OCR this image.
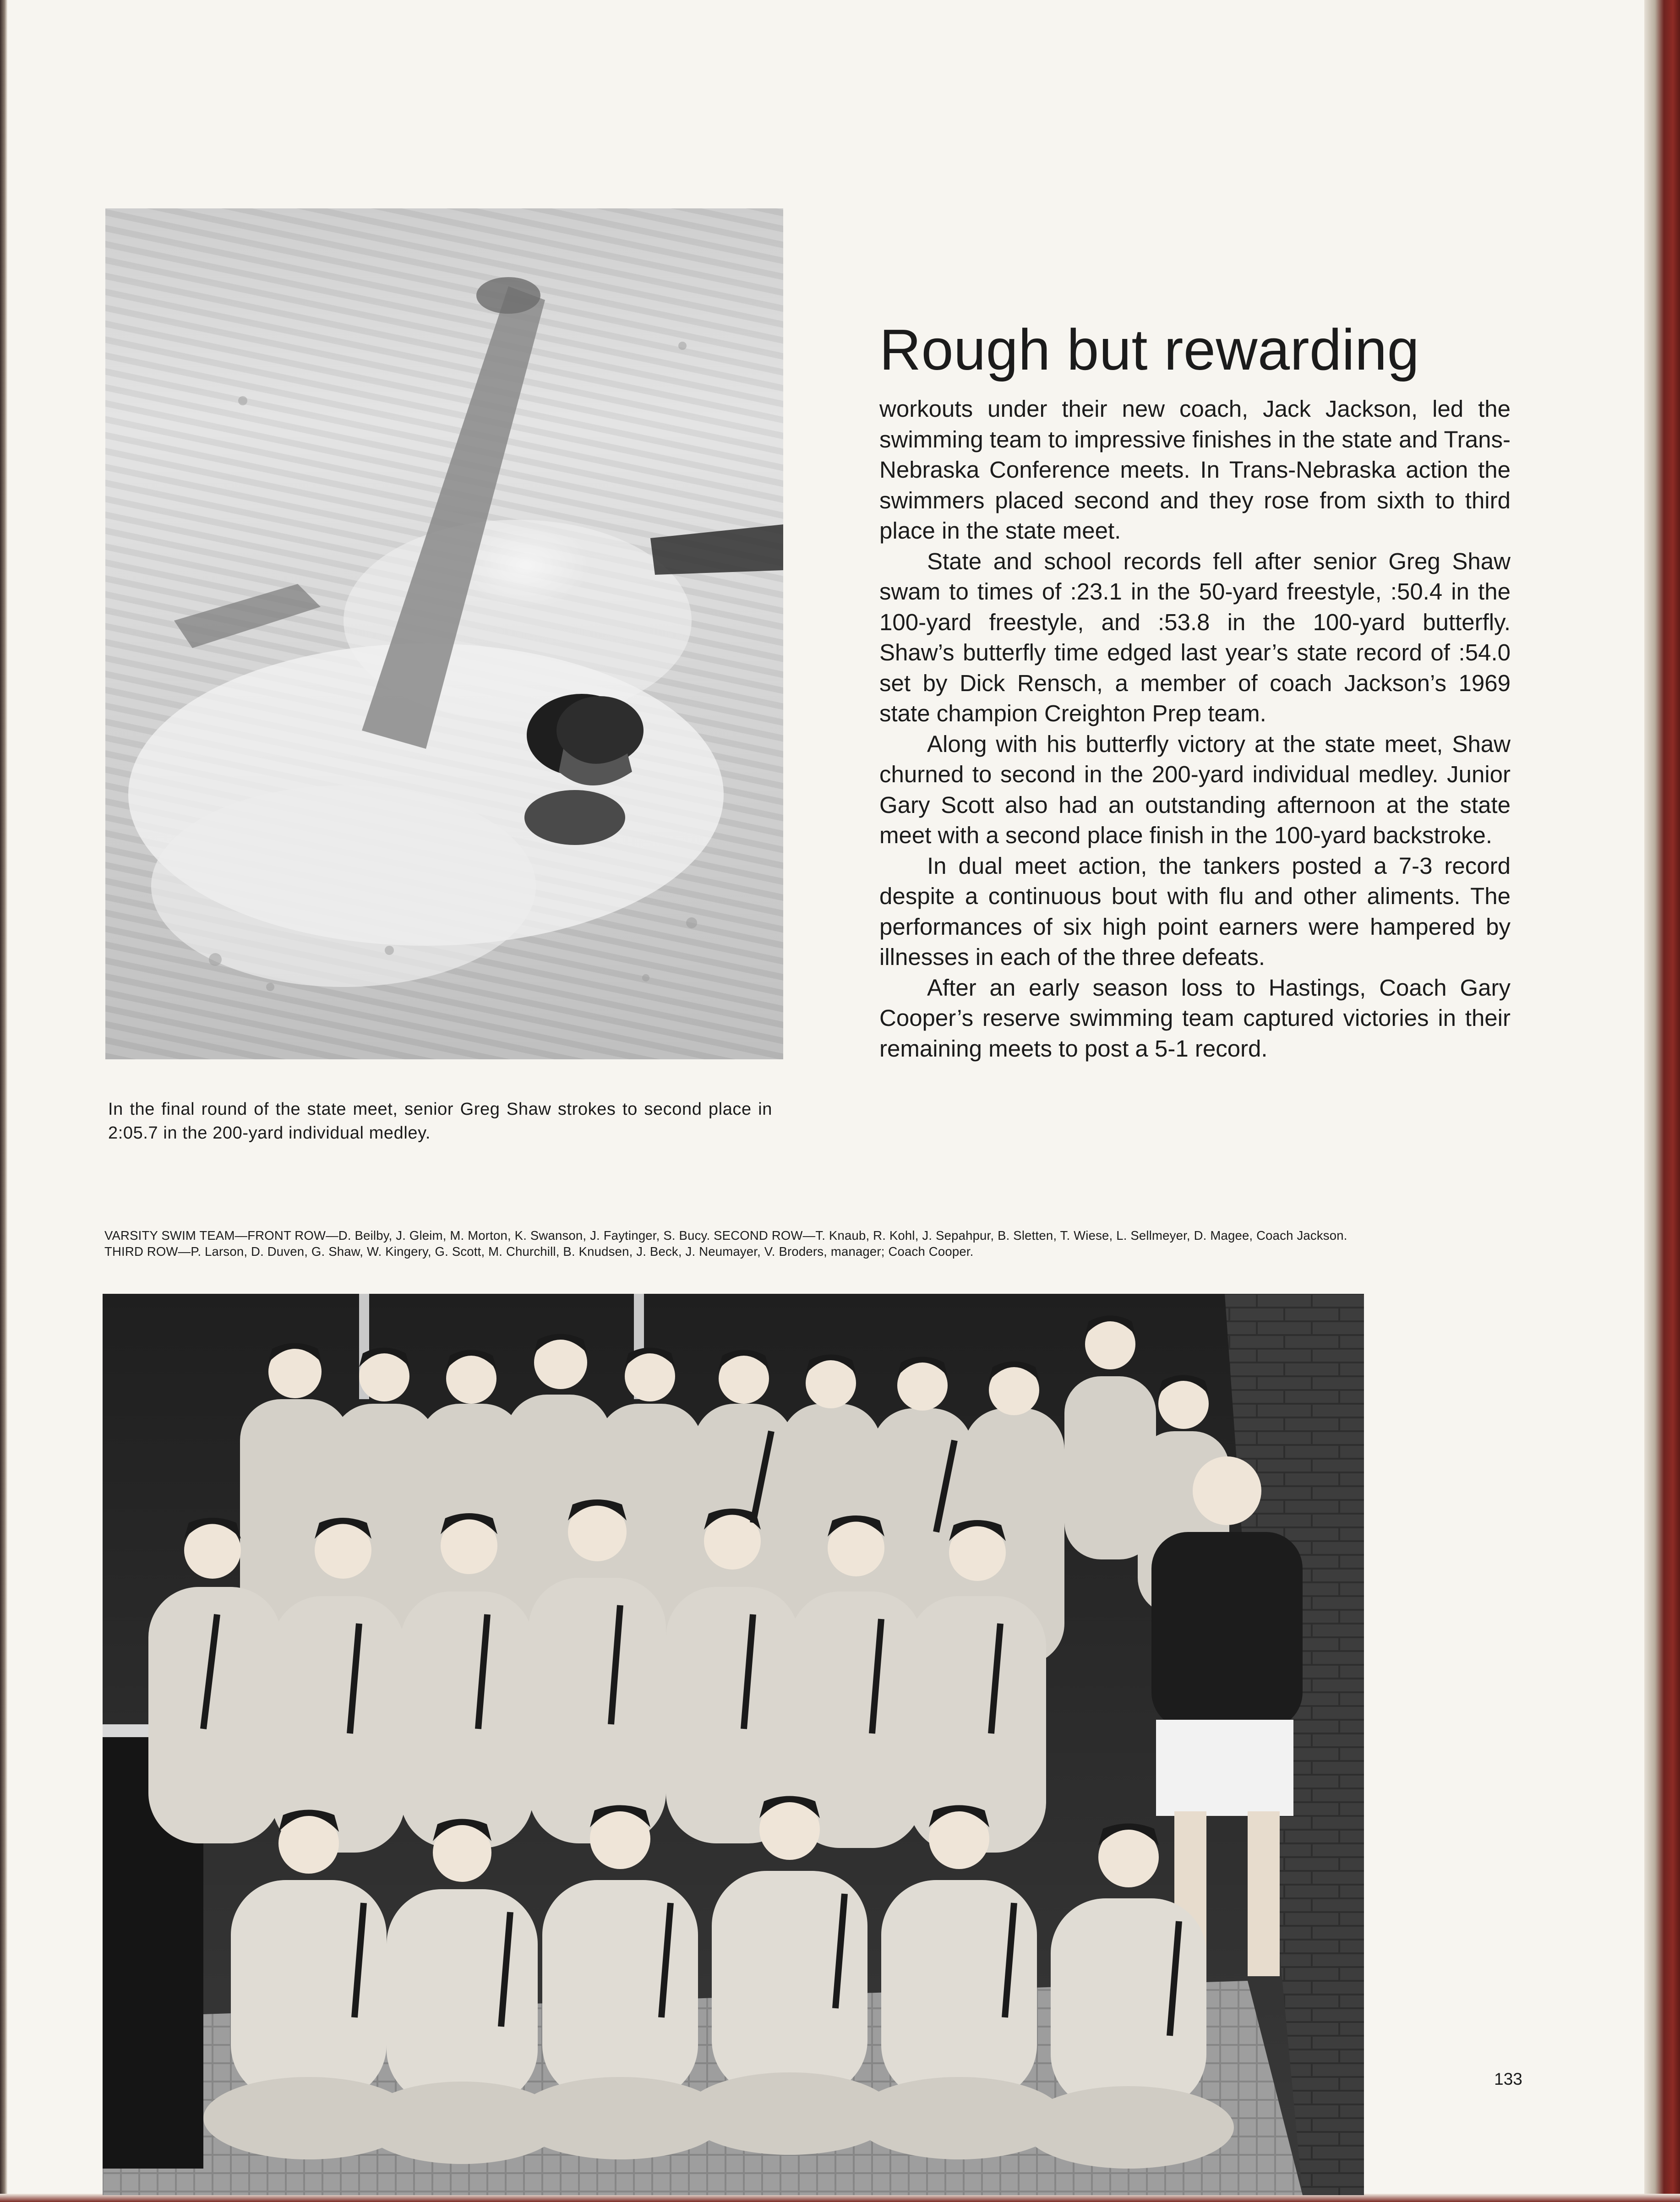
In the final round of the state meet, senior Greg Shaw strokes to second place in 2:05.7 in the 200-yard individual medley.

Rough but rewarding

workouts under their new coach, Jack Jackson, led the swimming team to impressive finishes in the state and Trans-Nebraska Conference meets. In Trans-Nebraska action the swimmers placed second and they rose from sixth to third place in the state meet.

State and school records fell after senior Greg Shaw swam to times of :23.1 in the 50-yard freestyle, :50.4 in the 100-yard freestyle, and :53.8 in the 100-yard butterfly. Shaw’s butterfly time edged last year’s state record of :54.0 set by Dick Rensch, a member of coach Jackson’s 1969 state champion Creighton Prep team.

Along with his butterfly victory at the state meet, Shaw churned to second in the 200-yard individual medley. Junior Gary Scott also had an outstanding afternoon at the state meet with a second place finish in the 100-yard backstroke.

In dual meet action, the tankers posted a 7-3 record despite a continuous bout with flu and other aliments. The performances of six high point earners were hampered by illnesses in each of the three defeats.

After an early season loss to Hastings, Coach Gary Cooper’s reserve swimming team captured victories in their remaining meets to post a 5-1 record.

VARSITY SWIM TEAM—FRONT ROW—D. Beilby, J. Gleim, M. Morton, K. Swanson, J. Faytinger, S. Bucy. SECOND ROW—T. Knaub, R. Kohl, J. Sepahpur, B. Sletten, T. Wiese, L. Sellmeyer, D. Magee, Coach Jackson. THIRD ROW—P. Larson, D. Duven, G. Shaw, W. Kingery, G. Scott, M. Churchill, B. Knudsen, J. Beck, J. Neumayer, V. Broders, manager; Coach Cooper.

133
